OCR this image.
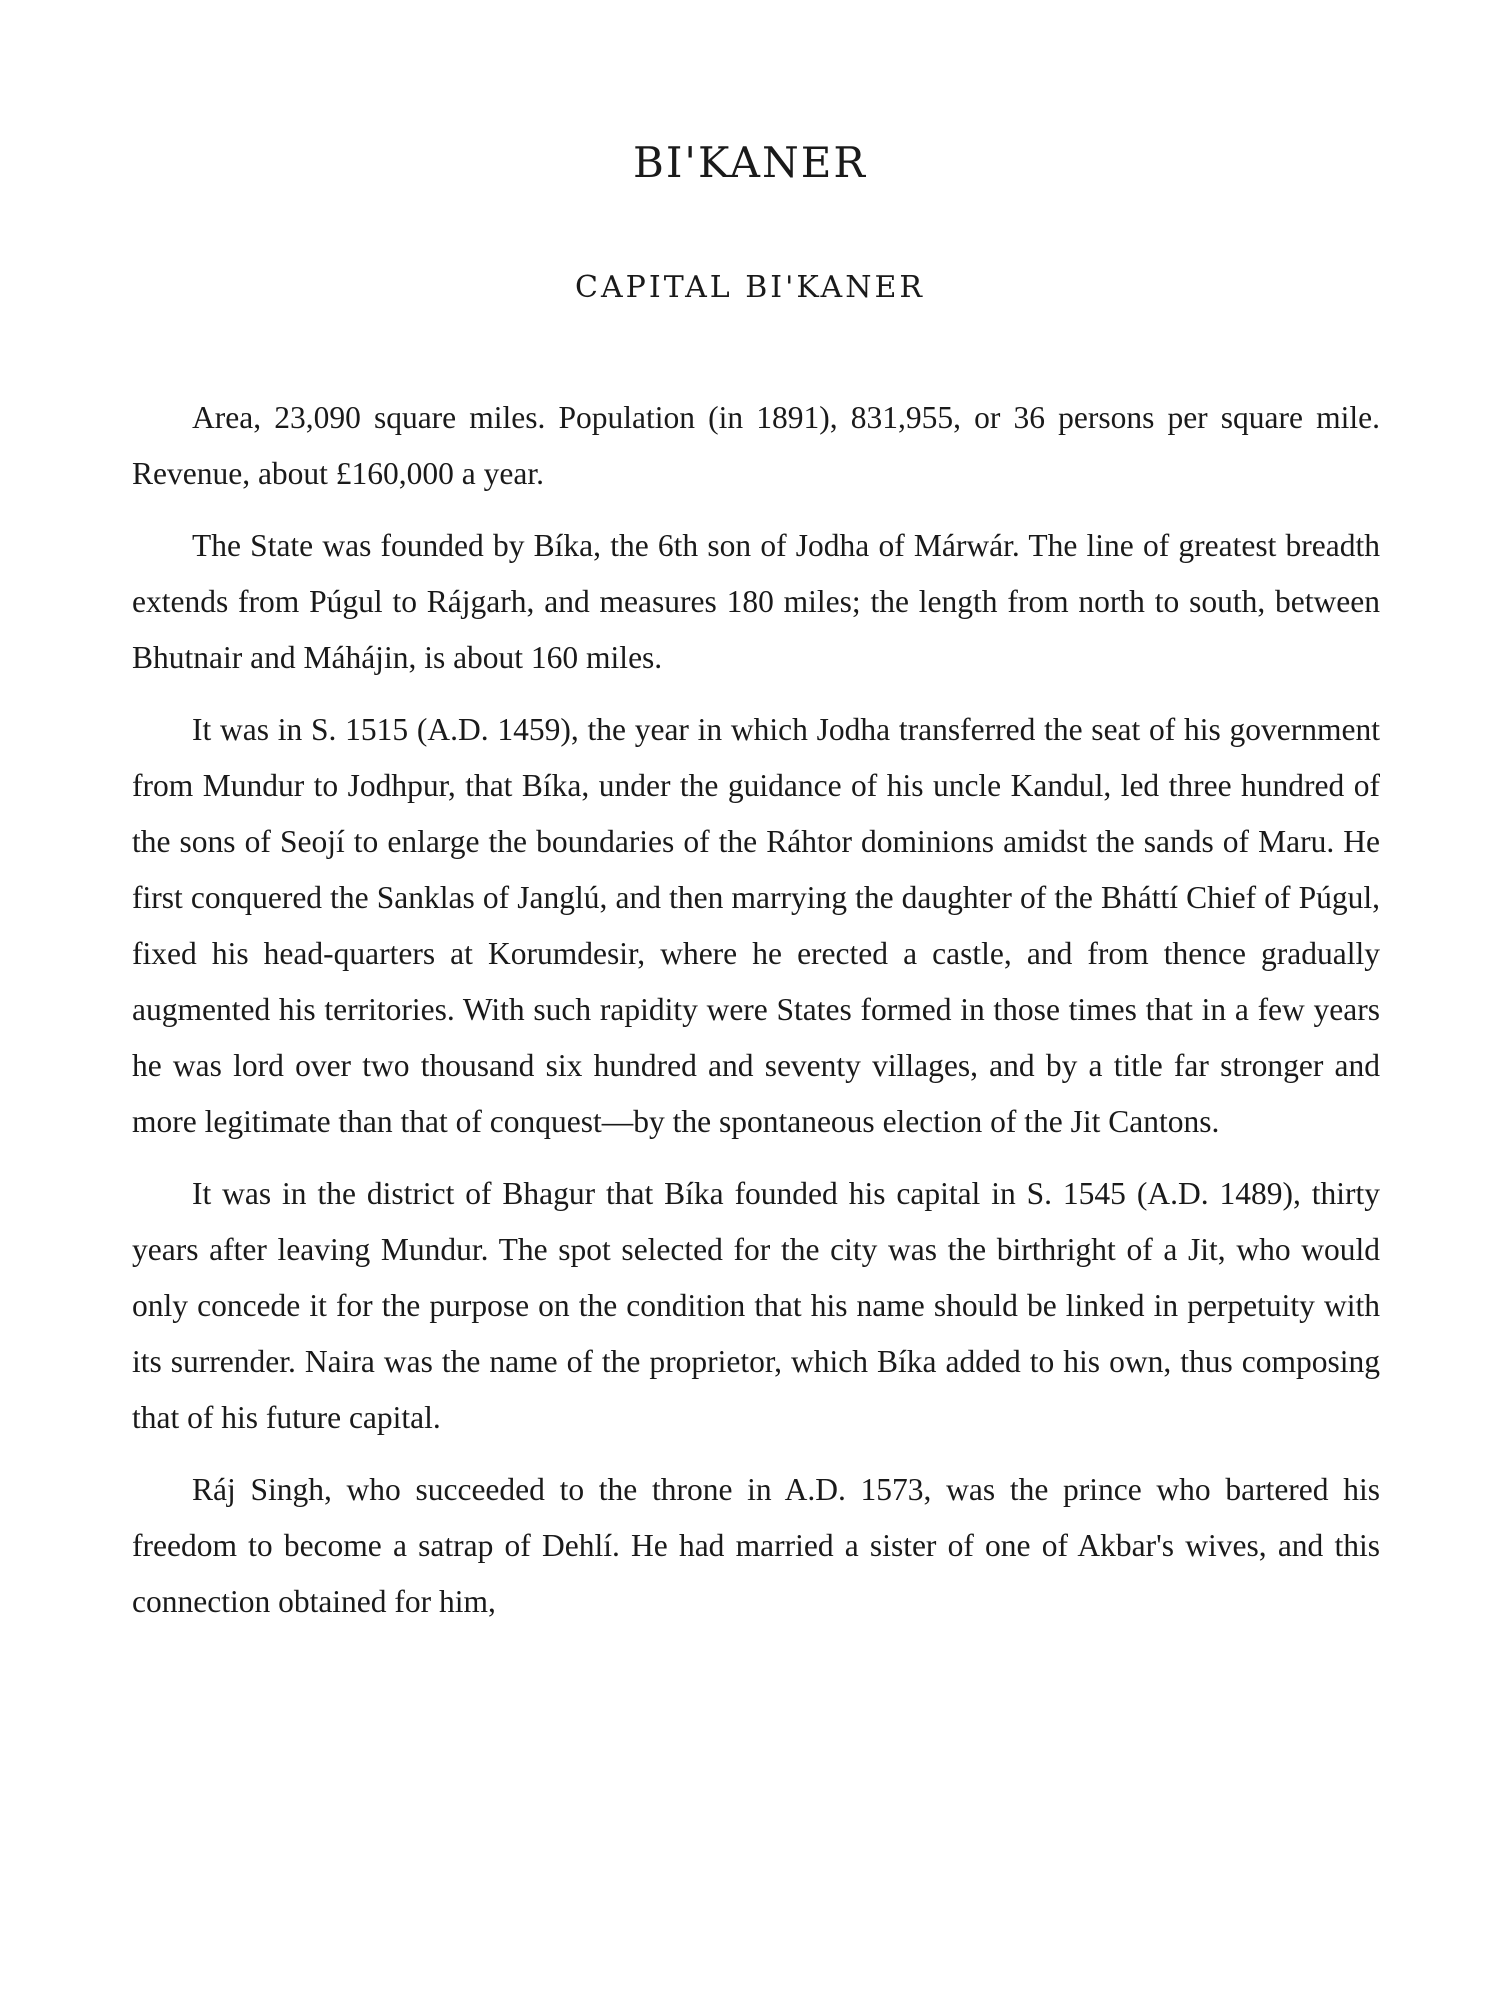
BI'KANER
CAPITAL BI'KANER

Area, 23,090 square miles. Population (in 1891), 831,955, or 36 persons per square mile. Revenue, about £160,000 a year.

The State was founded by Bíka, the 6th son of Jodha of Márwár. The line of greatest breadth extends from Púgul to Rájgarh, and measures 180 miles; the length from north to south, between Bhutnair and Máhájin, is about 160 miles.

It was in S. 1515 (A.D. 1459), the year in which Jodha transferred the seat of his government from Mundur to Jodhpur, that Bíka, under the guidance of his uncle Kandul, led three hundred of the sons of Seojí to enlarge the boundaries of the Ráhtor dominions amidst the sands of Maru. He first conquered the Sanklas of Janglú, and then marrying the daughter of the Bháttí Chief of Púgul, fixed his head-quarters at Korumdesir, where he erected a castle, and from thence gradually augmented his territories. With such rapidity were States formed in those times that in a few years he was lord over two thousand six hundred and seventy villages, and by a title far stronger and more legitimate than that of conquest—by the spontaneous election of the Jit Cantons.

It was in the district of Bhagur that Bíka founded his capital in S. 1545 (A.D. 1489), thirty years after leaving Mundur. The spot selected for the city was the birthright of a Jit, who would only concede it for the purpose on the condition that his name should be linked in perpetuity with its surrender. Naira was the name of the proprietor, which Bíka added to his own, thus composing that of his future capital.

Ráj Singh, who succeeded to the throne in A.D. 1573, was the prince who bartered his freedom to become a satrap of Dehlí. He had married a sister of one of Akbar's wives, and this connection obtained for him,
